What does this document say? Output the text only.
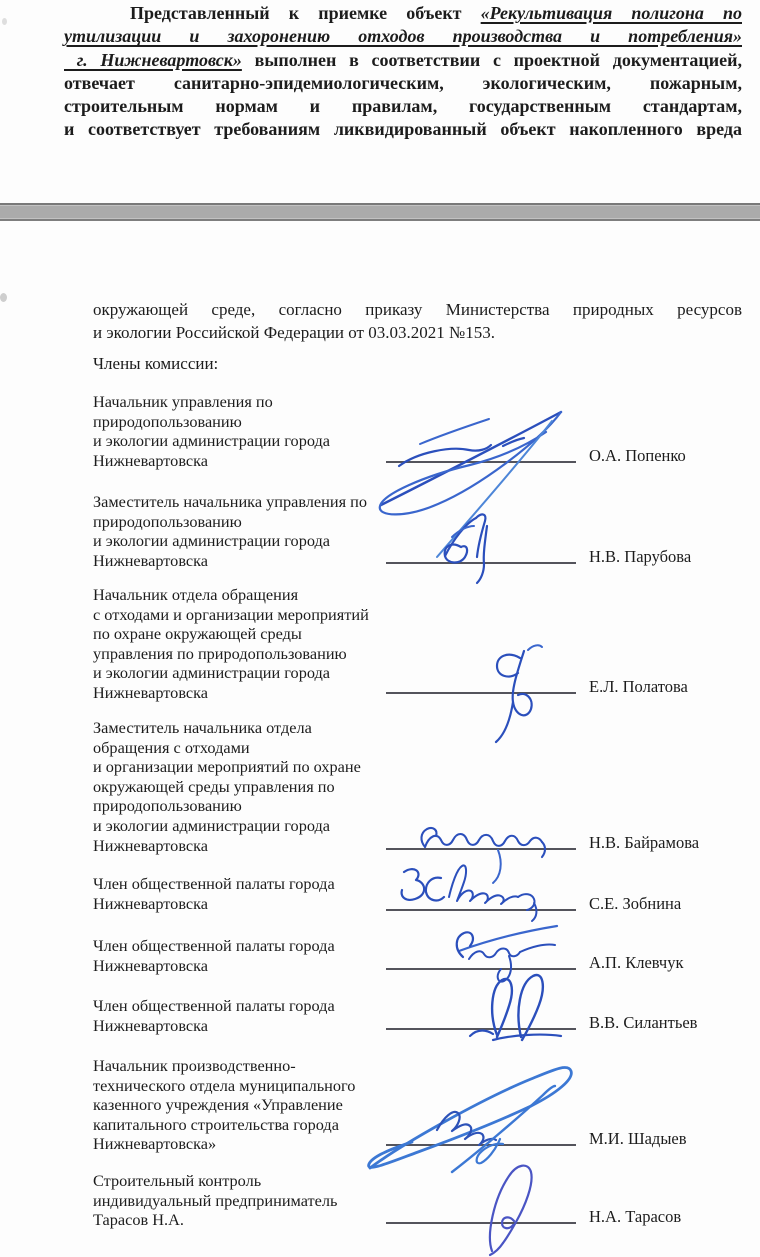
Представленный к приемке объект «Рекультивация полигона по
утилизации и захоронению отходов производства и потребления»
г. Нижневартовск» выполнен в соответствии с проектной документацией,
отвечает санитарно-эпидемиологическим, экологическим, пожарным,
строительным нормам и правилам, государственным стандартам,
и соответствует требованиям ликвидированный объект накопленного вреда
окружающей среде, согласно приказу Министерства природных ресурсов
и экологии Российской Федерации от 03.03.2021 №153.
Члены комиссии:
Начальник управления по
природопользованию
и экологии администрации города
Нижневартовска	О.А. Попенко
Заместитель начальника управления по
природопользованию
и экологии администрации города
Нижневартовска	Н.В. Парубова
Начальник отдела обращения
с отходами и организации мероприятий
по охране окружающей среды
управления по природопользованию
и экологии администрации города
Нижневартовска	Е.Л. Полатова
Заместитель начальника отдела
обращения с отходами
и организации мероприятий по охране
окружающей среды управления по
природопользованию
и экологии администрации города
Нижневартовска	Н.В. Байрамова
Член общественной палаты города
Нижневартовска	С.Е. Зобнина
Член общественной палаты города
Нижневартовска	А.П. Клевчук
Член общественной палаты города
Нижневартовска	В.В. Силантьев
Начальник производственно-
технического отдела муниципального
казенного учреждения «Управление
капитального строительства города
Нижневартовска»	М.И. Шадыев
Строительный контроль
индивидуальный предприниматель
Тарасов Н.А.	Н.А. Тарасов
